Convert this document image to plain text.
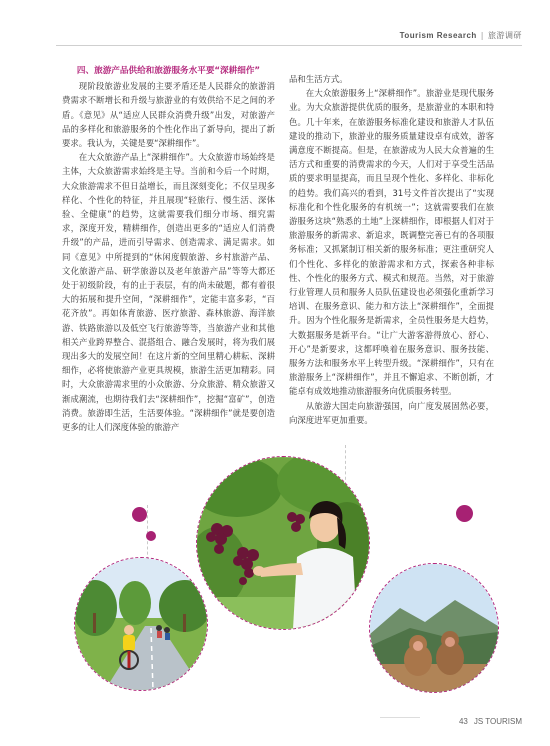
Tourism Research | 旅游调研

四、旅游产品供给和旅游服务水平要“深耕细作”

现阶段旅游业发展的主要矛盾还是人民群众的旅游消费需求不断增长和升级与旅游业的有效供给不足之间的矛盾。《意见》从“适应人民群众消费升级”出发，对旅游产品的多样化和旅游服务的个性化作出了新导向，提出了新要求。我认为，关键是要“深耕细作”。

在大众旅游产品上“深耕细作”。大众旅游市场始终是主体，大众旅游需求始终是主导。当前和今后一个时期，大众旅游需求不但日益增长，而且深刻变化；不仅呈现多样化、个性化的特征，并且展现“轻旅行、慢生活、深体验、全健康”的趋势，这就需要我们细分市场、细究需求，深度开发，精耕细作，创造出更多的“适应人们消费升级”的产品，进而引导需求、创造需求、满足需求。如同《意见》中所提到的“休闲度假旅游、乡村旅游产品、文化旅游产品、研学旅游以及老年旅游产品”等等大都还处于初级阶段，有的止于表层，有的尚未破题，都有着很大的拓展和提升空间，“深耕细作”，定能丰富多彩，“百花齐放”。再如体育旅游、医疗旅游、森林旅游、海洋旅游、铁路旅游以及低空飞行旅游等等，当旅游产业和其他相关产业跨界整合、混搭组合、融合发展时，将为我们展现出多大的发展空间！在这片新的空间里精心耕耘、深耕细作，必将使旅游产业更具规模，旅游生活更加精彩。同时，大众旅游需求里的小众旅游、分众旅游、精众旅游又渐成潮流，也期待我们去“深耕细作”，挖掘“富矿”，创造消费。旅游即生活，生活要体验。“深耕细作”就是要创造更多的让人们深度体验的旅游产

品和生活方式。

在大众旅游服务上“深耕细作”。旅游业是现代服务业。为大众旅游提供优质的服务，是旅游业的本职和特色。几十年来，在旅游服务标准化建设和旅游人才队伍建设的推动下，旅游业的服务质量建设卓有成效，游客满意度不断提高。但是，在旅游成为人民大众普遍的生活方式和重要的消费需求的今天，人们对于享受生活品质的要求明显提高，而且呈现个性化、多样化、非标化的趋势。我们高兴的看到，31号文件首次提出了“实现标准化和个性化服务的有机统一”；这就需要我们在旅游服务这块“熟悉的土地”上深耕细作，即根据人们对于旅游服务的新需求、新追求，既调整完善已有的各项服务标准；又抓紧制订相关新的服务标准；更注重研究人们个性化、多样化的旅游需求和方式，探索各种非标性、个性化的服务方式、模式和规范。当然，对于旅游行业管理人员和服务人员队伍建设也必须强化重新学习培训、在服务意识、能力和方法上“深耕细作”，全面提升。因为个性化服务是新需求，全员性服务是大趋势，大数据服务是新平台。“让广大游客游得放心、舒心、开心”是新要求，这都呼唤着在服务意识、服务技能、服务方法和服务水平上转型升级。“深耕细作”，只有在旅游服务上“深耕细作”，并且不懈追求、不断创新，才能卓有成效地推动旅游服务向优质服务转型。

从旅游大国走向旅游强国，向广度发展固然必要，向深度进军更加重要。

43 JS TOURISM
